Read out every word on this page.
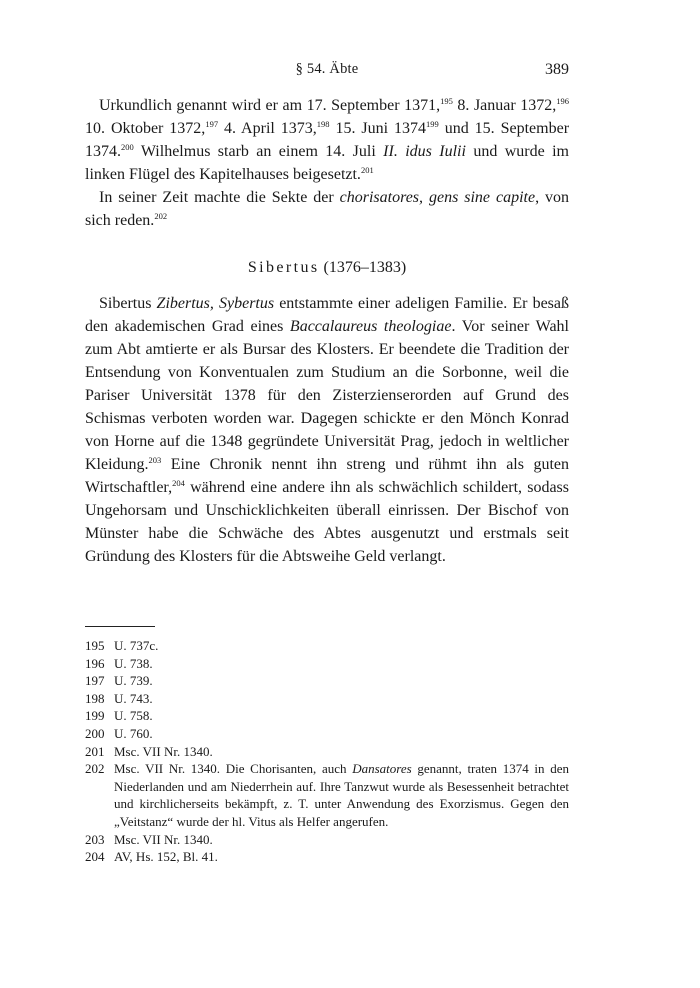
§ 54. Äbte	389

Urkundlich genannt wird er am 17. September 1371,$^{195}$ 8. Januar 1372,$^{196}$ 10. Oktober 1372,$^{197}$ 4. April 1373,$^{198}$ 15. Juni 1374$^{199}$ und 15. September 1374.$^{200}$ Wilhelmus starb an einem 14. Juli II. idus Iulii und wurde im linken Flügel des Kapitelhauses beigesetzt.$^{201}$

In seiner Zeit machte die Sekte der chorisatores, gens sine capite, von sich reden.$^{202}$

Sibertus (1376–1383)

Sibertus Zibertus, Sybertus entstammte einer adeligen Familie. Er besaß den akademischen Grad eines Baccalaureus theologiae. Vor seiner Wahl zum Abt amtierte er als Bursar des Klosters. Er beendete die Tradition der Entsendung von Konventualen zum Studium an die Sorbonne, weil die Pariser Universität 1378 für den Zisterzienserorden auf Grund des Schismas verboten worden war. Dagegen schickte er den Mönch Konrad von Horne auf die 1348 gegründete Universität Prag, jedoch in weltlicher Kleidung.$^{203}$ Eine Chronik nennt ihn streng und rühmt ihn als guten Wirtschaftler,$^{204}$ während eine andere ihn als schwächlich schildert, sodass Ungehorsam und Unschicklichkeiten überall einrissen. Der Bischof von Münster habe die Schwäche des Abtes ausgenutzt und erstmals seit Gründung des Klosters für die Abtsweihe Geld verlangt.

195 U. 737c.
196 U. 738.
197 U. 739.
198 U. 743.
199 U. 758.
200 U. 760.
201 Msc. VII Nr. 1340.
202 Msc. VII Nr. 1340. Die Chorisanten, auch Dansatores genannt, traten 1374 in den Niederlanden und am Niederrhein auf. Ihre Tanzwut wurde als Besessenheit betrachtet und kirchlicherseits bekämpft, z. T. unter Anwendung des Exorzismus. Gegen den „Veitstanz“ wurde der hl. Vitus als Helfer angerufen.
203 Msc. VII Nr. 1340.
204 AV, Hs. 152, Bl. 41.
